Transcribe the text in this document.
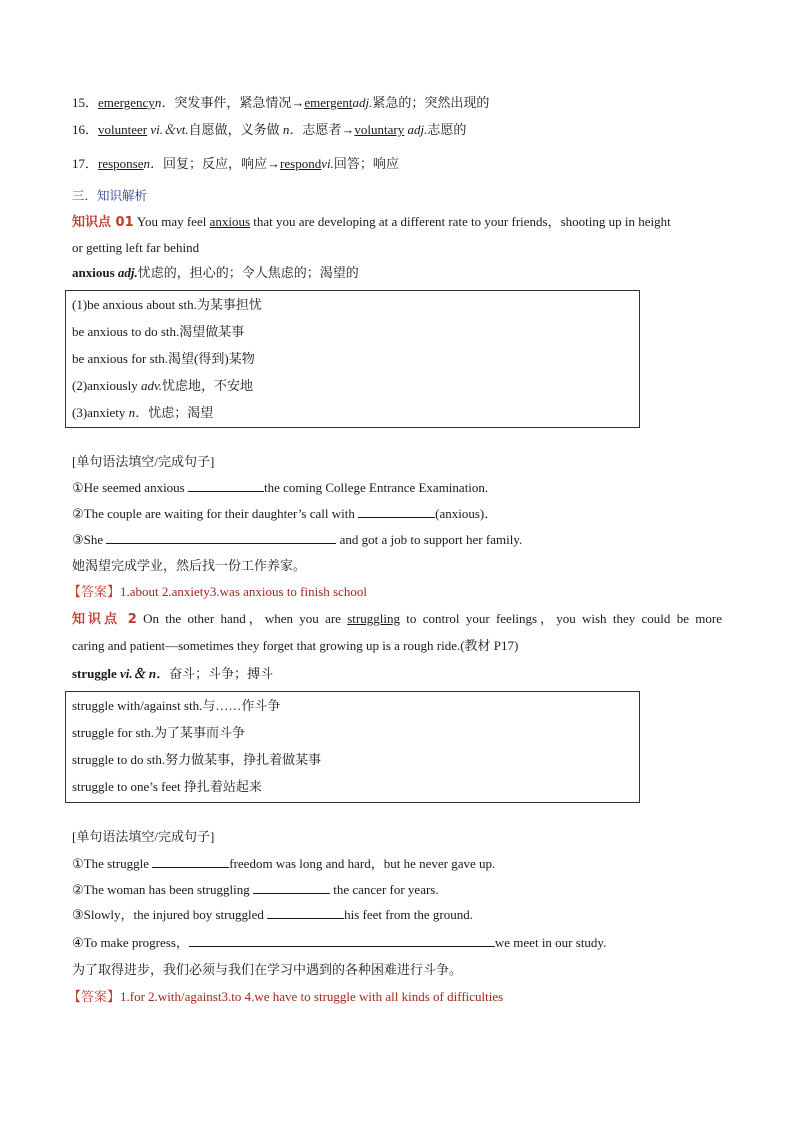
15．emergencyn．突发事件，紧急情况→emergentadj.紧急的；突然出现的
16．volunteer vi.＆vt.自愿做，义务做 n．志愿者→voluntary adj.志愿的
17．responsen．回复；反应，响应→respondvi.回答；响应
三．知识解析
知识点 01 You may feel anxious that you are developing at a different rate to your friends，shooting up in height
or getting left far behind
anxious adj.忧虑的，担心的；令人焦虑的；渴望的
(1)be anxious about sth.为某事担忧
be anxious to do sth.渴望做某事
be anxious for sth.渴望(得到)某物
(2)anxiously adv.忧虑地，不安地
(3)anxiety n．忧虑；渴望
[单句语法填空/完成句子]
①He seemed anxious	the coming College Entrance Examination.
②The couple are waiting for their daughter’s call with	(anxious)．
③She	and got a job to support her family.
她渴望完成学业，然后找一份工作养家。
【答案】1.about 2.anxiety3.was anxious to finish school
知识点 2 On the other hand，when you are struggling to control your feelings，you wish they could be more
caring and patient—sometimes they forget that growing up is a rough ride.(教材 P17)
struggle vi.＆ n．奋斗；斗争；搏斗
struggle with/against sth.与……作斗争
struggle for sth.为了某事而斗争
struggle to do sth.努力做某事，挣扎着做某事
struggle to one’s feet 挣扎着站起来
[单句语法填空/完成句子]
①The struggle	freedom was long and hard，but he never gave up.
②The woman has been struggling	the cancer for years.
③Slowly，the injured boy struggled	his feet from the ground.
④To make progress，	we meet in our study.
为了取得进步，我们必须与我们在学习中遇到的各种困难进行斗争。
【答案】1.for 2.with/against3.to 4.we have to struggle with all kinds of difficulties
